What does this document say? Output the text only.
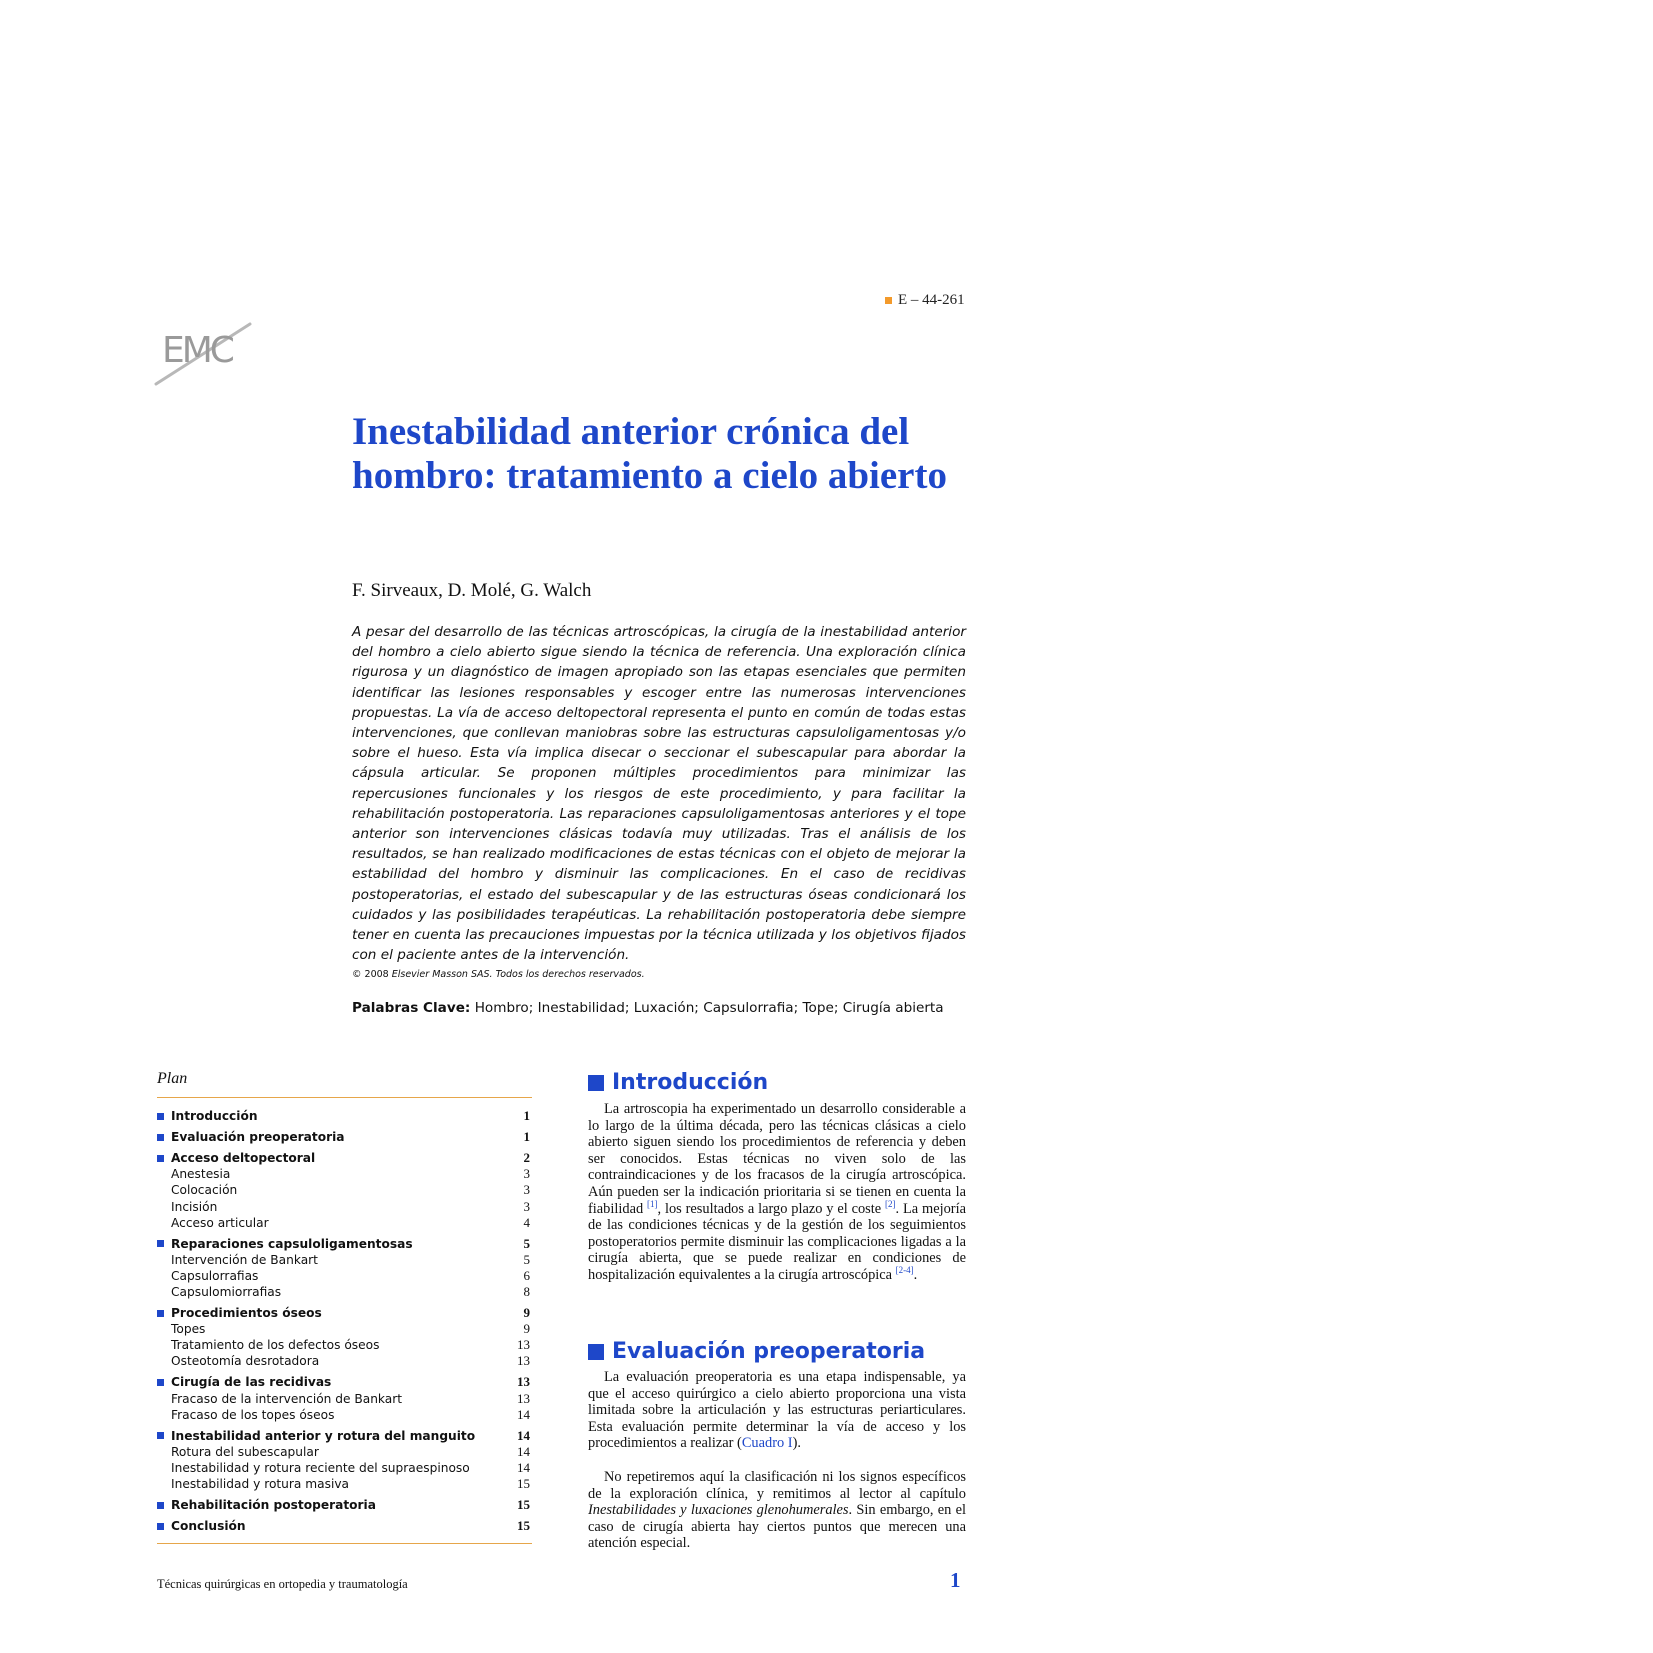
E – 44-261
EMC
Inestabilidad anterior crónica del hombro: tratamiento a cielo abierto
F. Sirveaux, D. Molé, G. Walch

A pesar del desarrollo de las técnicas artroscópicas, la cirugía de la inestabilidad anterior del hombro a cielo abierto sigue siendo la técnica de referencia. Una exploración clínica rigurosa y un diagnóstico de imagen apropiado son las etapas esenciales que permiten identificar las lesiones responsables y escoger entre las numerosas intervenciones propuestas. La vía de acceso deltopectoral representa el punto en común de todas estas intervenciones, que conllevan maniobras sobre las estructuras capsuloligamentosas y/o sobre el hueso. Esta vía implica disecar o seccionar el subescapular para abordar la cápsula articular. Se proponen múltiples procedimientos para minimizar las repercusiones funcionales y los riesgos de este procedimiento, y para facilitar la rehabilitación postoperatoria. Las reparaciones capsuloligamentosas anteriores y el tope anterior son intervenciones clásicas todavía muy utilizadas. Tras el análisis de los resultados, se han realizado modificaciones de estas técnicas con el objeto de mejorar la estabilidad del hombro y disminuir las complicaciones. En el caso de recidivas postoperatorias, el estado del subescapular y de las estructuras óseas condicionará los cuidados y las posibilidades terapéuticas. La rehabilitación postoperatoria debe siempre tener en cuenta las precauciones impuestas por la técnica utilizada y los objetivos fijados con el paciente antes de la intervención.

© 2008 Elsevier Masson SAS. Todos los derechos reservados.
Palabras Clave: Hombro; Inestabilidad; Luxación; Capsulorrafia; Tope; Cirugía abierta
Plan
Introducción	1
Evaluación preoperatoria	1
Acceso deltopectoral	2
Anestesia	3
Colocación	3
Incisión	3
Acceso articular	4
Reparaciones capsuloligamentosas	5
Intervención de Bankart	5
Capsulorrafias	6
Capsulomiorrafias	8
Procedimientos óseos	9
Topes	9
Tratamiento de los defectos óseos	13
Osteotomía desrotadora	13
Cirugía de las recidivas	13
Fracaso de la intervención de Bankart	13
Fracaso de los topes óseos	14
Inestabilidad anterior y rotura del manguito	14
Rotura del subescapular	14
Inestabilidad y rotura reciente del supraespinoso	14
Inestabilidad y rotura masiva	15
Rehabilitación postoperatoria	15
Conclusión	15
Introducción

La artroscopia ha experimentado un desarrollo considerable a lo largo de la última década, pero las técnicas clásicas a cielo abierto siguen siendo los procedimientos de referencia y deben ser conocidos. Estas técnicas no viven solo de las contraindicaciones y de los fracasos de la cirugía artroscópica. Aún pueden ser la indicación prioritaria si se tienen en cuenta la fiabilidad [1], los resultados a largo plazo y el coste [2]. La mejoría de las condiciones técnicas y de la gestión de los seguimientos postoperatorios permite disminuir las complicaciones ligadas a la cirugía abierta, que se puede realizar en condiciones de hospitalización equivalentes a la cirugía artroscópica [2-4].

Evaluación preoperatoria

La evaluación preoperatoria es una etapa indispensable, ya que el acceso quirúrgico a cielo abierto proporciona una vista limitada sobre la articulación y las estructuras periarticulares. Esta evaluación permite determinar la vía de acceso y los procedimientos a realizar (Cuadro I).

No repetiremos aquí la clasificación ni los signos específicos de la exploración clínica, y remitimos al lector al capítulo Inestabilidades y luxaciones glenohumerales. Sin embargo, en el caso de cirugía abierta hay ciertos puntos que merecen una atención especial.

Técnicas quirúrgicas en ortopedia y traumatología	1
